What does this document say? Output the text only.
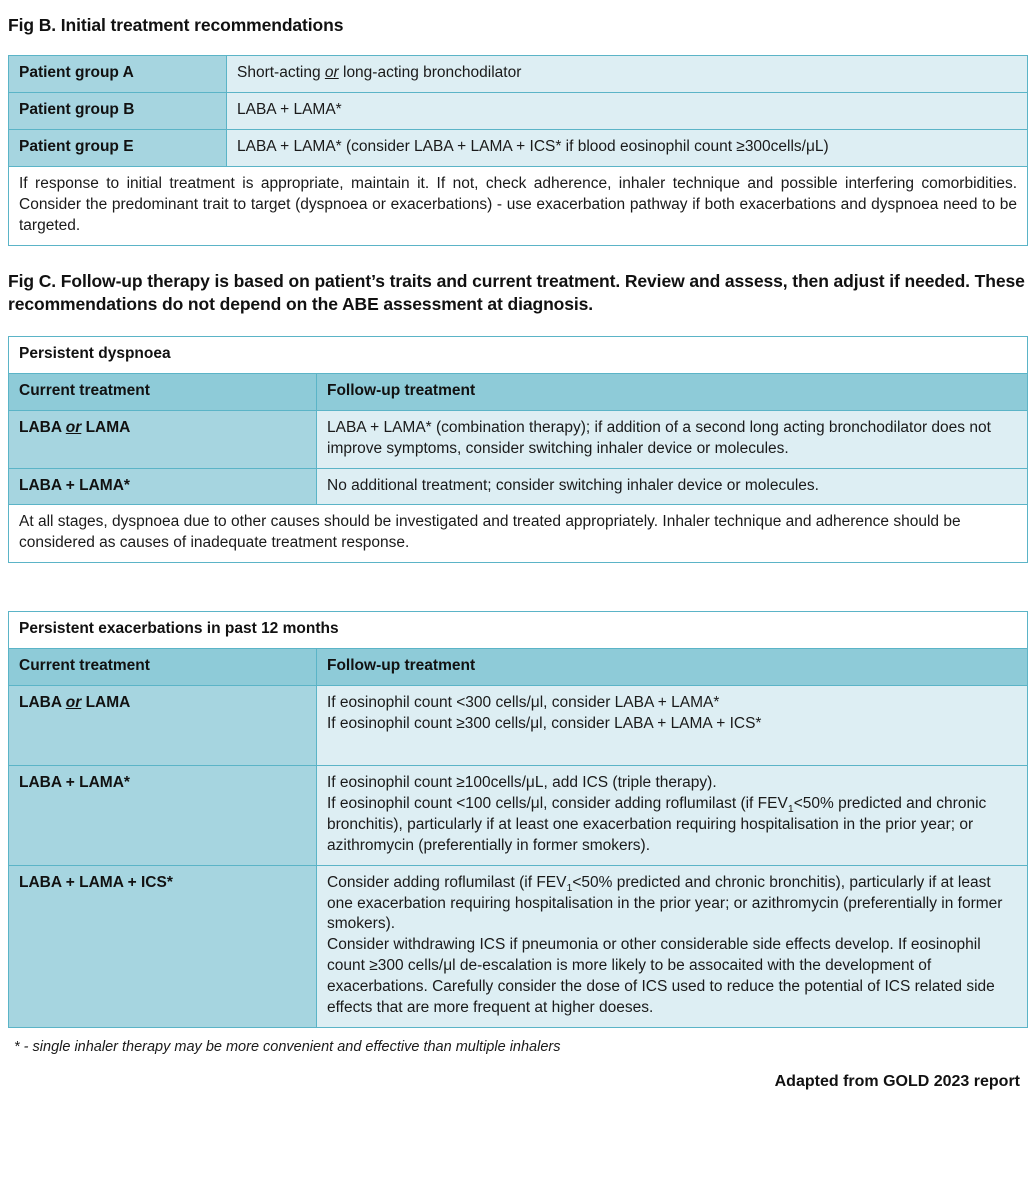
Fig B. Initial treatment recommendations
Patient group A	Short-acting or long-acting bronchodilator
Patient group B	LABA + LAMA*
Patient group E	LABA + LAMA* (consider LABA + LAMA + ICS* if blood eosinophil count ≥300cells/μL)
If response to initial treatment is appropriate, maintain it. If not, check adherence, inhaler technique and possible interfering comorbidities. Consider the predominant trait to target (dyspnoea or exacerbations) - use exacerbation pathway if both exacerbations and dyspnoea need to be targeted.	
Fig C. Follow-up therapy is based on patient’s traits and current treatment. Review and assess, then adjust if needed. These recommendations do not depend on the ABE assessment at diagnosis.
Persistent dyspnoea	
Current treatment	Follow-up treatment
LABA or LAMA	LABA + LAMA* (combination therapy); if addition of a second long acting bronchodilator does not improve symptoms, consider switching inhaler device or molecules.
LABA + LAMA*	No additional treatment; consider switching inhaler device or molecules.
At all stages, dyspnoea due to other causes should be investigated and treated appropriately. Inhaler technique and adherence should be considered as causes of inadequate treatment response.	
Persistent exacerbations in past 12 months	
Current treatment	Follow-up treatment
LABA or LAMA	If eosinophil count <300 cells/μl, consider LABA + LAMA*
If eosinophil count ≥300 cells/μl, consider LABA + LAMA + ICS*

LABA + LAMA*	If eosinophil count ≥100cells/μL, add ICS (triple therapy).
If eosinophil count <100 cells/μl, consider adding roflumilast (if $FEV_1<50\%$ predicted and chronic bronchitis), particularly if at least one exacerbation requiring hospitalisation in the prior year; or azithromycin (preferentially in former smokers).

LABA + LAMA + ICS*	Consider adding roflumilast (if $FEV_1<50\%$ predicted and chronic bronchitis), particularly if at least one exacerbation requiring hospitalisation in the prior year; or azithromycin (preferentially in former smokers).
Consider withdrawing ICS if pneumonia or other considerable side effects develop. If eosinophil count ≥300 cells/μl de-escalation is more likely to be assocaited with the development of exacerbations. Carefully consider the dose of ICS used to reduce the potential of ICS related side effects that are more frequent at higher doeses.
* - single inhaler therapy may be more convenient and effective than multiple inhalers
Adapted from GOLD 2023 report
